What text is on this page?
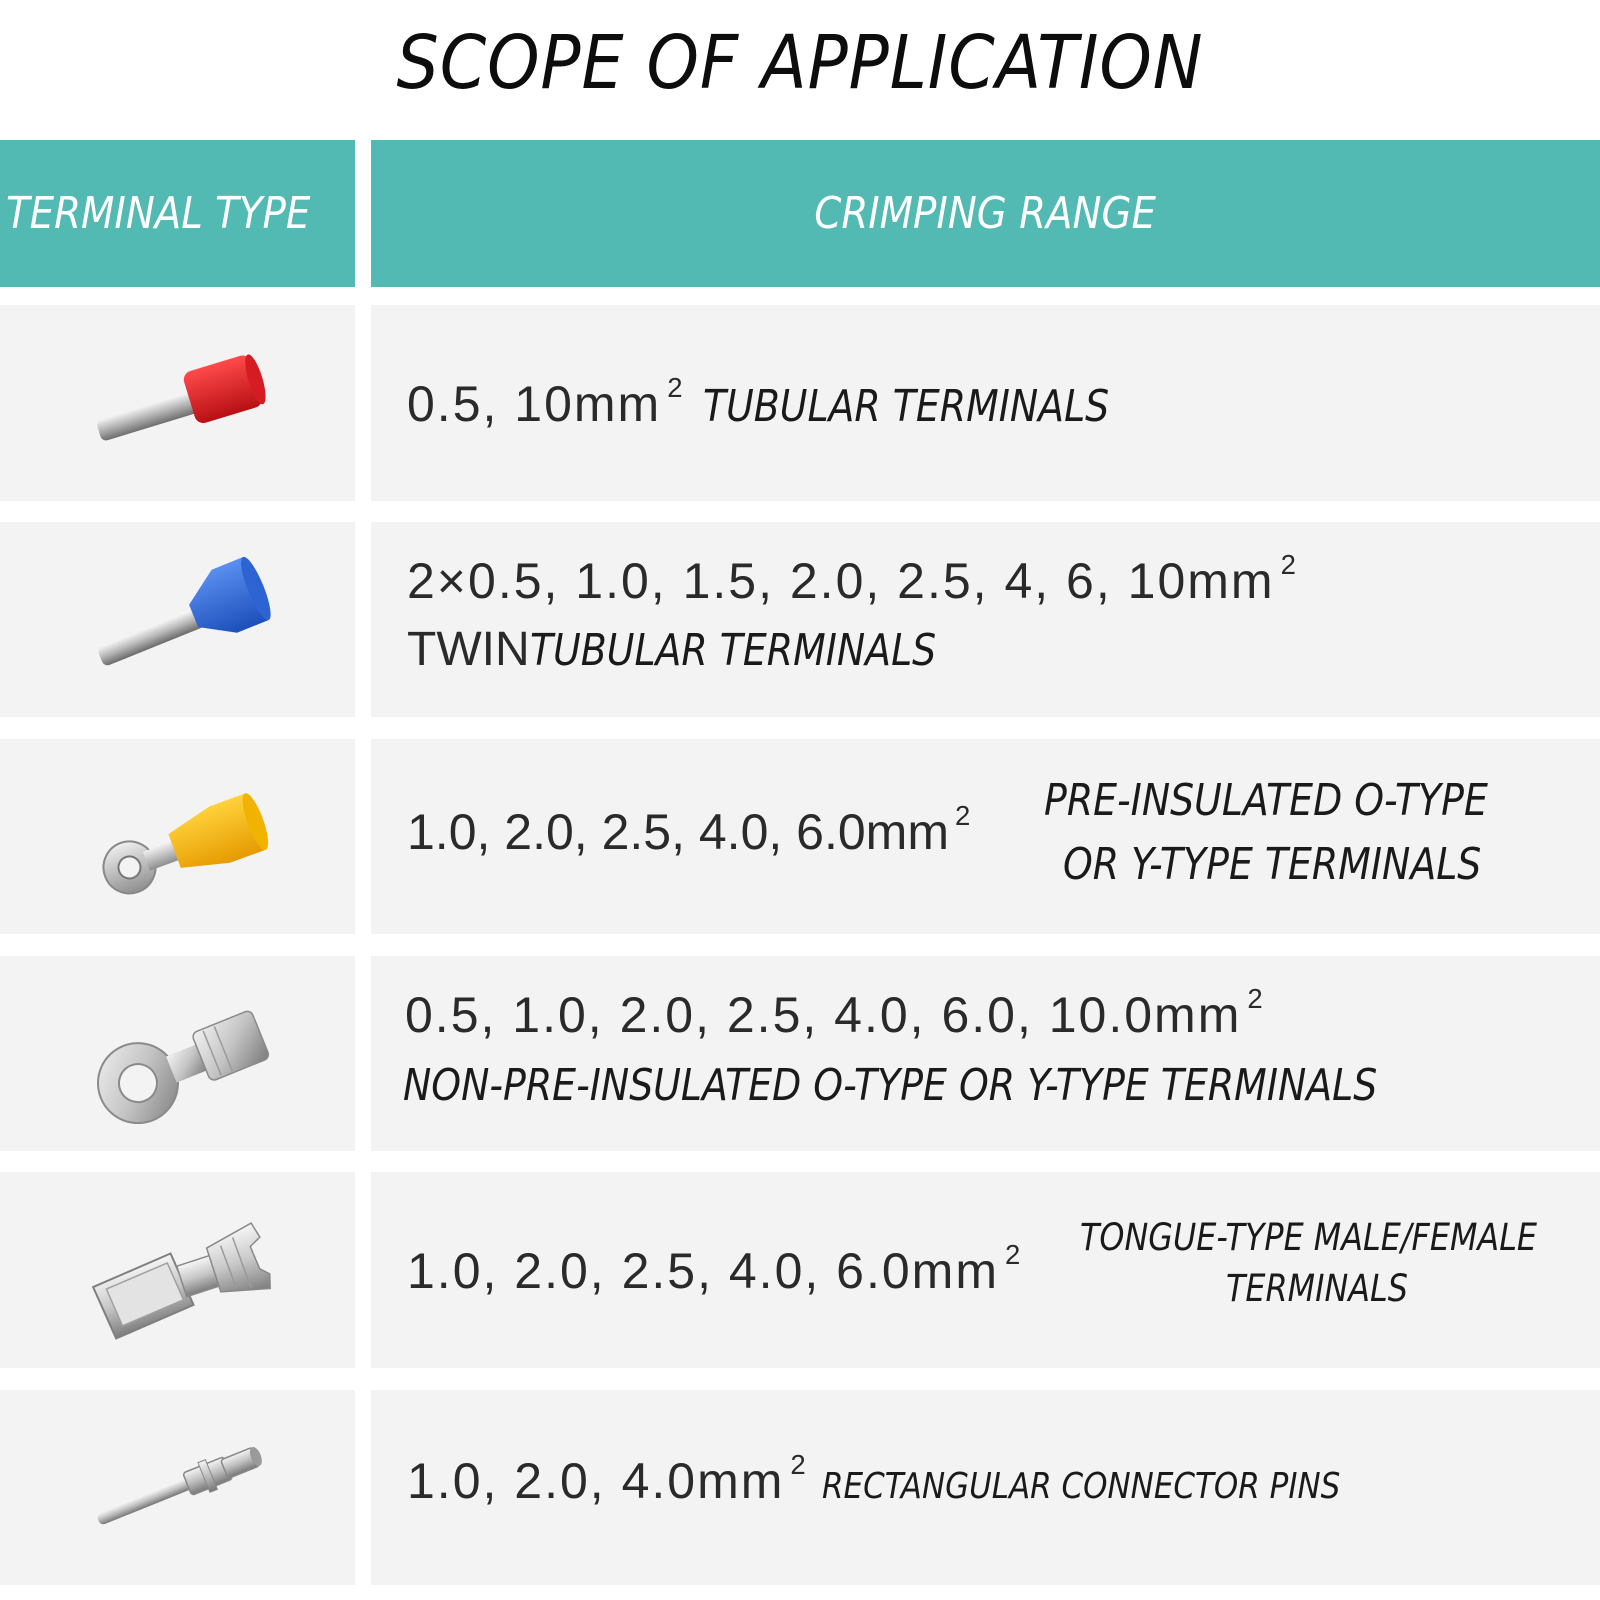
SCOPE OF APPLICATION
TERMINAL TYPE	CRIMPING RANGE
0.5, 10mm $^2$ TUBULAR TERMINALS
2×0.5, 1.0, 1.5, 2.0, 2.5, 4, 6, 10mm $^2$
TWINTUBULAR TERMINALS
1.0, 2.0, 2.5, 4.0, 6.0mm $^2$ PRE-INSULATED O-TYPE
OR Y-TYPE TERMINALS
0.5, 1.0, 2.0, 2.5, 4.0, 6.0, 10.0mm $^2$
NON-PRE-INSULATED O-TYPE OR Y-TYPE TERMINALS
1.0, 2.0, 2.5, 4.0, 6.0mm $^2$ TONGUE-TYPE MALE/FEMALE
TERMINALS
1.0, 2.0, 4.0mm $^2$ RECTANGULAR CONNECTOR PINS
